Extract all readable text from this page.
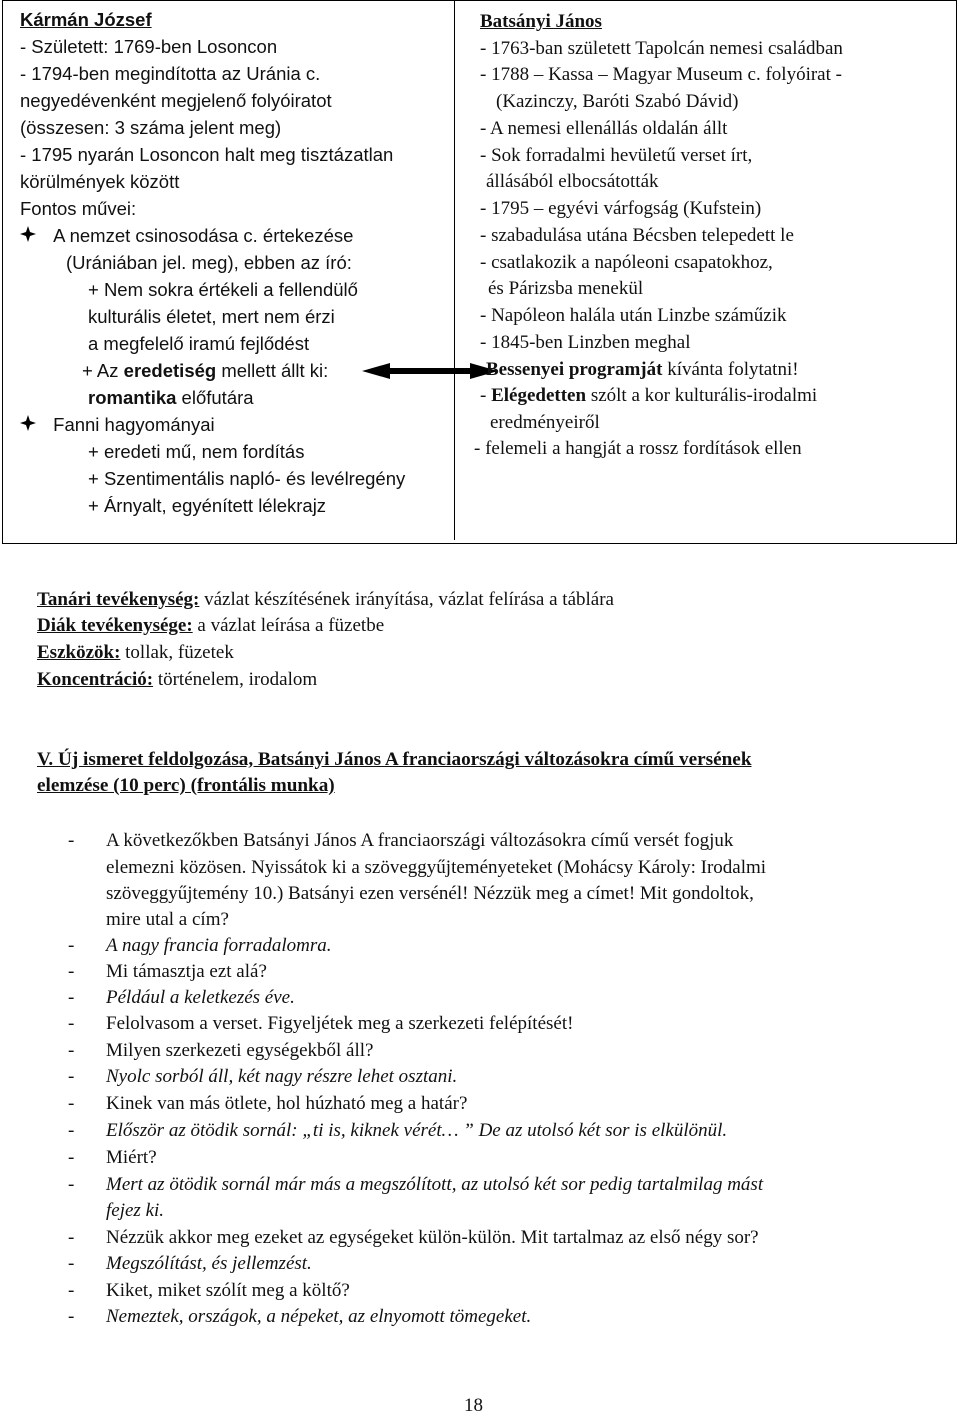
Kármán József
- Született: 1769-ben Losoncon
- 1794-ben megindította az Uránia c.
negyedévenként megjelenő folyóiratot
(összesen: 3 száma jelent meg)
- 1795 nyarán Losoncon halt meg tisztázatlan
körülmények között
Fontos művei:
A nemzet csinosodása c. értekezése
(Urániában jel. meg), ebben az író:
+ Nem sokra értékeli a fellendülő
kulturális életet, mert nem érzi
a megfelelő iramú fejlődést
+ Az eredetiség mellett állt ki:
romantika előfutára
Fanni hagyományai
+ eredeti mű, nem fordítás
+ Szentimentális napló- és levélregény
+ Árnyalt, egyénített lélekrajz
Batsányi János
- 1763-ban született Tapolcán nemesi családban
- 1788 – Kassa – Magyar Museum c. folyóirat -
(Kazinczy, Baróti Szabó Dávid)
- A nemesi ellenállás oldalán állt
- Sok forradalmi hevületű verset írt,
állásából elbocsátották
- 1795 – egyévi várfogság (Kufstein)
- szabadulása utána Bécsben telepedett le
- csatlakozik a napóleoni csapatokhoz,
és Párizsba menekül
- Napóleon halála után Linzbe száműzik
- 1845-ben Linzben meghal
Bessenyei programját kívánta folytatni!
- Elégedetten szólt a kor kulturális-irodalmi
eredményeiről
- felemeli a hangját a rossz fordítások ellen
Tanári tevékenység: vázlat készítésének irányítása, vázlat felírása a táblára
Diák tevékenysége: a vázlat leírása a füzetbe
Eszközök: tollak, füzetek
Koncentráció: történelem, irodalom
V. Új ismeret feldolgozása, Batsányi János A franciaországi változásokra című versének
elemzése (10 perc) (frontális munka)
- A következőkben Batsányi János A franciaországi változásokra című versét fogjuk
elemezni közösen. Nyissátok ki a szöveggyűjteményeteket (Mohácsy Károly: Irodalmi
szöveggyűjtemény 10.) Batsányi ezen versénél! Nézzük meg a címet! Mit gondoltok,
mire utal a cím?
- A nagy francia forradalomra.
- Mi támasztja ezt alá?
- Például a keletkezés éve.
- Felolvasom a verset. Figyeljétek meg a szerkezeti felépítését!
- Milyen szerkezeti egységekből áll?
- Nyolc sorból áll, két nagy részre lehet osztani.
- Kinek van más ötlete, hol húzható meg a határ?
- Először az ötödik sornál: „ti is, kiknek vérét… ” De az utolsó két sor is elkülönül.
- Miért?
- Mert az ötödik sornál már más a megszólított, az utolsó két sor pedig tartalmilag mást
fejez ki.
- Nézzük akkor meg ezeket az egységeket külön-külön. Mit tartalmaz az első négy sor?
- Megszólítást, és jellemzést.
- Kiket, miket szólít meg a költő?
- Nemeztek, országok, a népeket, az elnyomott tömegeket.
18
